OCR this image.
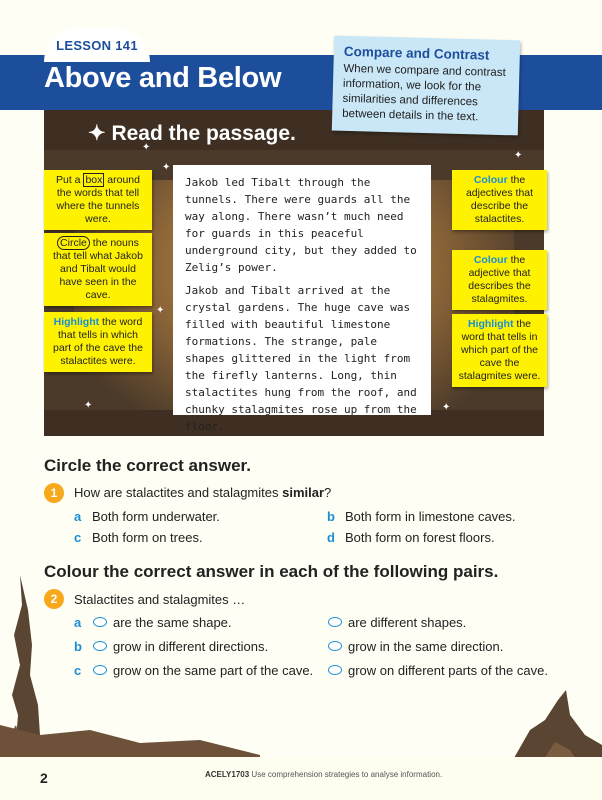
LESSON 141
Above and Below
✦
✦
✦	✦
✦
✦
✦ Read the passage.
Compare and Contrast

When we compare and contrast information, we look for the similarities and differences between details in the text.

Jakob led Tibalt through the tunnels. There were guards all the way along. There wasn’t much need for guards in this peaceful underground city, but they added to Zelig’s power.

Jakob and Tibalt arrived at the crystal gardens. The huge cave was filled with beautiful limestone formations. The strange, pale shapes glittered in the light from the firefly lanterns. Long, thin stalactites hung from the roof, and chunky stalagmites rose up from the floor.

Put a box around the words that tell where the tunnels were.
Circle the nouns that tell what Jakob and Tibalt would have seen in the cave.
Highlight the word that tells in which part of the cave the stalactites were.
Colour the adjectives that describe the stalactites.
Colour the adjective that describes the stalagmites.
Highlight the word that tells in which part of the cave the stalagmites were.
Circle the correct answer.
1	How are stalactites and stalagmites similar?
a Both form underwater.	b Both form in limestone caves.
c Both form on trees.	d Both form on forest floors.
Colour the correct answer in each of the following pairs.
2	Stalactites and stalagmites …
a are the same shape.	are different shapes.
b grow in different directions.	grow in the same direction.
c grow on the same part of the cave.	grow on different parts of the cave.
2	ACELY1703 Use comprehension strategies to analyse information.
